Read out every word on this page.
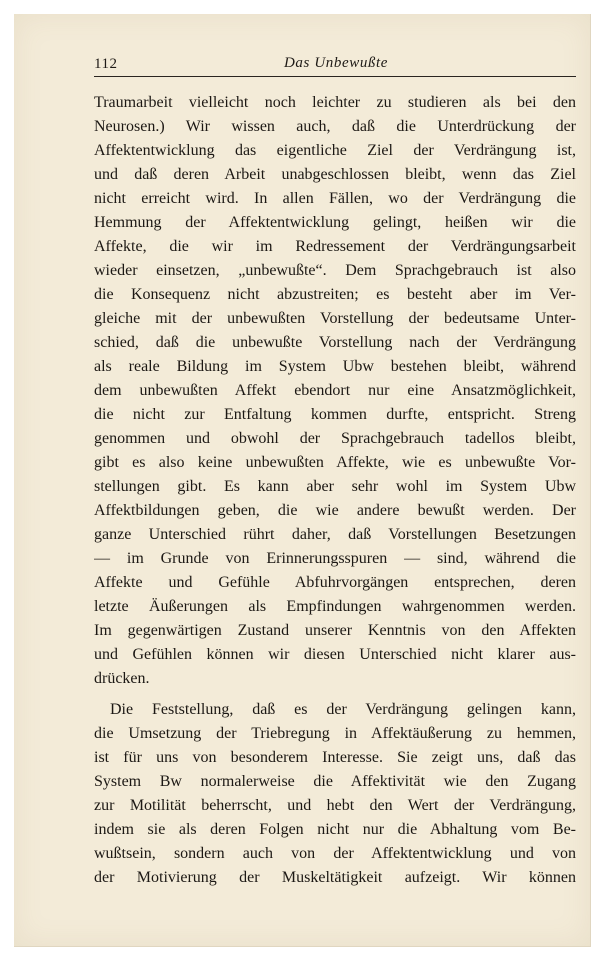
112	Das Unbewußte
Traumarbeit vielleicht noch leichter zu studieren als bei den
Neurosen.) Wir wissen auch, daß die Unterdrückung der
Affektentwicklung das eigentliche Ziel der Verdrängung ist,
und daß deren Arbeit unabgeschlossen bleibt, wenn das Ziel
nicht erreicht wird. In allen Fällen, wo der Verdrängung die
Hemmung der Affektentwicklung gelingt, heißen wir die
Affekte, die wir im Redressement der Verdrängungsarbeit
wieder einsetzen, „unbewußte“. Dem Sprachgebrauch ist also
die Konsequenz nicht abzustreiten; es besteht aber im Ver-
gleiche mit der unbewußten Vorstellung der bedeutsame Unter-
schied, daß die unbewußte Vorstellung nach der Verdrängung
als reale Bildung im System Ubw bestehen bleibt, während
dem unbewußten Affekt ebendort nur eine Ansatzmöglichkeit,
die nicht zur Entfaltung kommen durfte, entspricht. Streng
genommen und obwohl der Sprachgebrauch tadellos bleibt,
gibt es also keine unbewußten Affekte, wie es unbewußte Vor-
stellungen gibt. Es kann aber sehr wohl im System Ubw
Affektbildungen geben, die wie andere bewußt werden. Der
ganze Unterschied rührt daher, daß Vorstellungen Besetzungen
— im Grunde von Erinnerungsspuren — sind, während die
Affekte und Gefühle Abfuhrvorgängen entsprechen, deren
letzte Äußerungen als Empfindungen wahrgenommen werden.
Im gegenwärtigen Zustand unserer Kenntnis von den Affekten
und Gefühlen können wir diesen Unterschied nicht klarer aus-
drücken.
Die Feststellung, daß es der Verdrängung gelingen kann,
die Umsetzung der Triebregung in Affektäußerung zu hemmen,
ist für uns von besonderem Interesse. Sie zeigt uns, daß das
System Bw normalerweise die Affektivität wie den Zugang
zur Motilität beherrscht, und hebt den Wert der Verdrängung,
indem sie als deren Folgen nicht nur die Abhaltung vom Be-
wußtsein, sondern auch von der Affektentwicklung und von
der Motivierung der Muskeltätigkeit aufzeigt. Wir können
